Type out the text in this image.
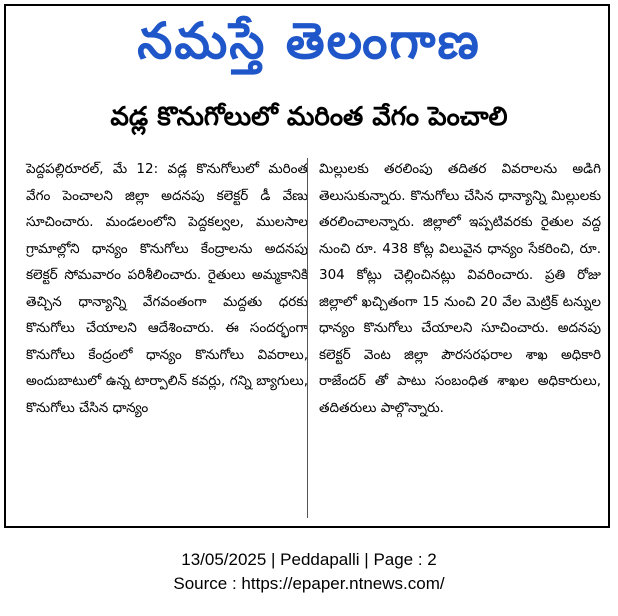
నమస్తే తెలంగాణ
వడ్ల కొనుగోలులో మరింత వేగం పెంచాలి
పెద్దపల్లిరూరల్, మే 12: వడ్ల కొనుగోలులో మరింత వేగం పెంచాలని జిల్లా అదనపు కలెక్టర్ డీ వేణు సూచించారు. మండలంలోని పెద్దకల్వల, ములసాల గ్రామాల్లోని ధాన్యం కొనుగోలు కేంద్రాలను అదనపు కలెక్టర్ సోమవారం పరిశీలించారు. రైతులు అమ్మకానికి తెచ్చిన ధాన్యాన్ని వేగవంతంగా మద్దతు ధరకు కొనుగోలు చేయాలని ఆదేశించారు. ఈ సందర్భంగా కొనుగోలు కేంద్రంలో ధాన్యం కొనుగోలు వివరాలు, అందుబాటులో ఉన్న టార్పాలిన్ కవర్లు, గన్ని బ్యాగులు, కొనుగోలు చేసిన ధాన్యం
మిల్లులకు తరలింపు తదితర వివరాలను అడిగి తెలుసుకున్నారు. కొనుగోలు చేసిన ధాన్యాన్ని మిల్లులకు తరలించాలన్నారు. జిల్లాలో ఇప్పటివరకు రైతుల వద్ద నుంచి రూ. 438 కోట్ల విలువైన ధాన్యం సేకరించి, రూ. 304 కోట్లు చెల్లించినట్లు వివరించారు. ప్రతి రోజు జిల్లాలో ఖచ్చితంగా 15 నుంచి 20 వేల మెట్రిక్ టన్నుల ధాన్యం కొనుగోలు చేయాలని సూచించారు. అదనపు కలెక్టర్ వెంట జిల్లా పౌరసరఫరాల శాఖ అధికారి రాజేందర్ తో పాటు సంబంధిత శాఖల అధికారులు, తదితరులు పాల్గొన్నారు.
13/05/2025 | Peddapalli | Page : 2
Source : https://epaper.ntnews.com/
